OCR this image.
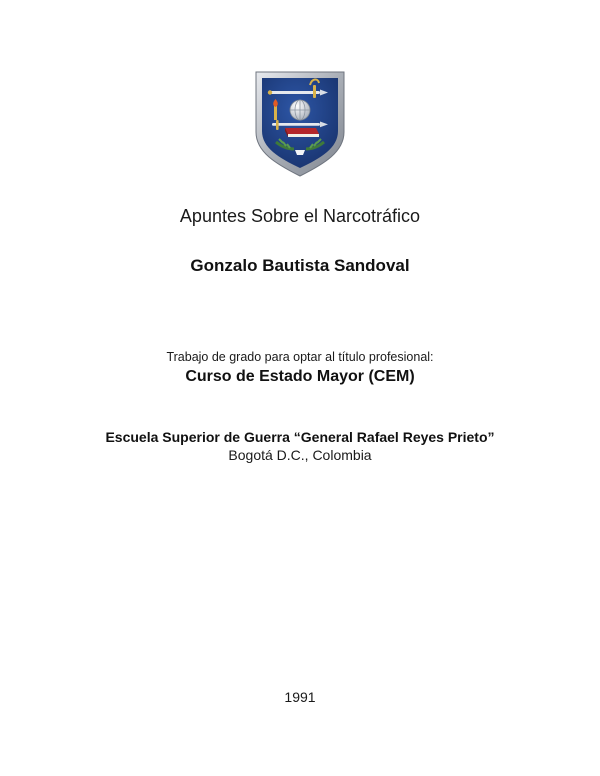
Apuntes Sobre el Narcotráfico
Gonzalo Bautista Sandoval
Trabajo de grado para optar al título profesional:
Curso de Estado Mayor (CEM)
Escuela Superior de Guerra “General Rafael Reyes Prieto”
Bogotá D.C., Colombia
1991
